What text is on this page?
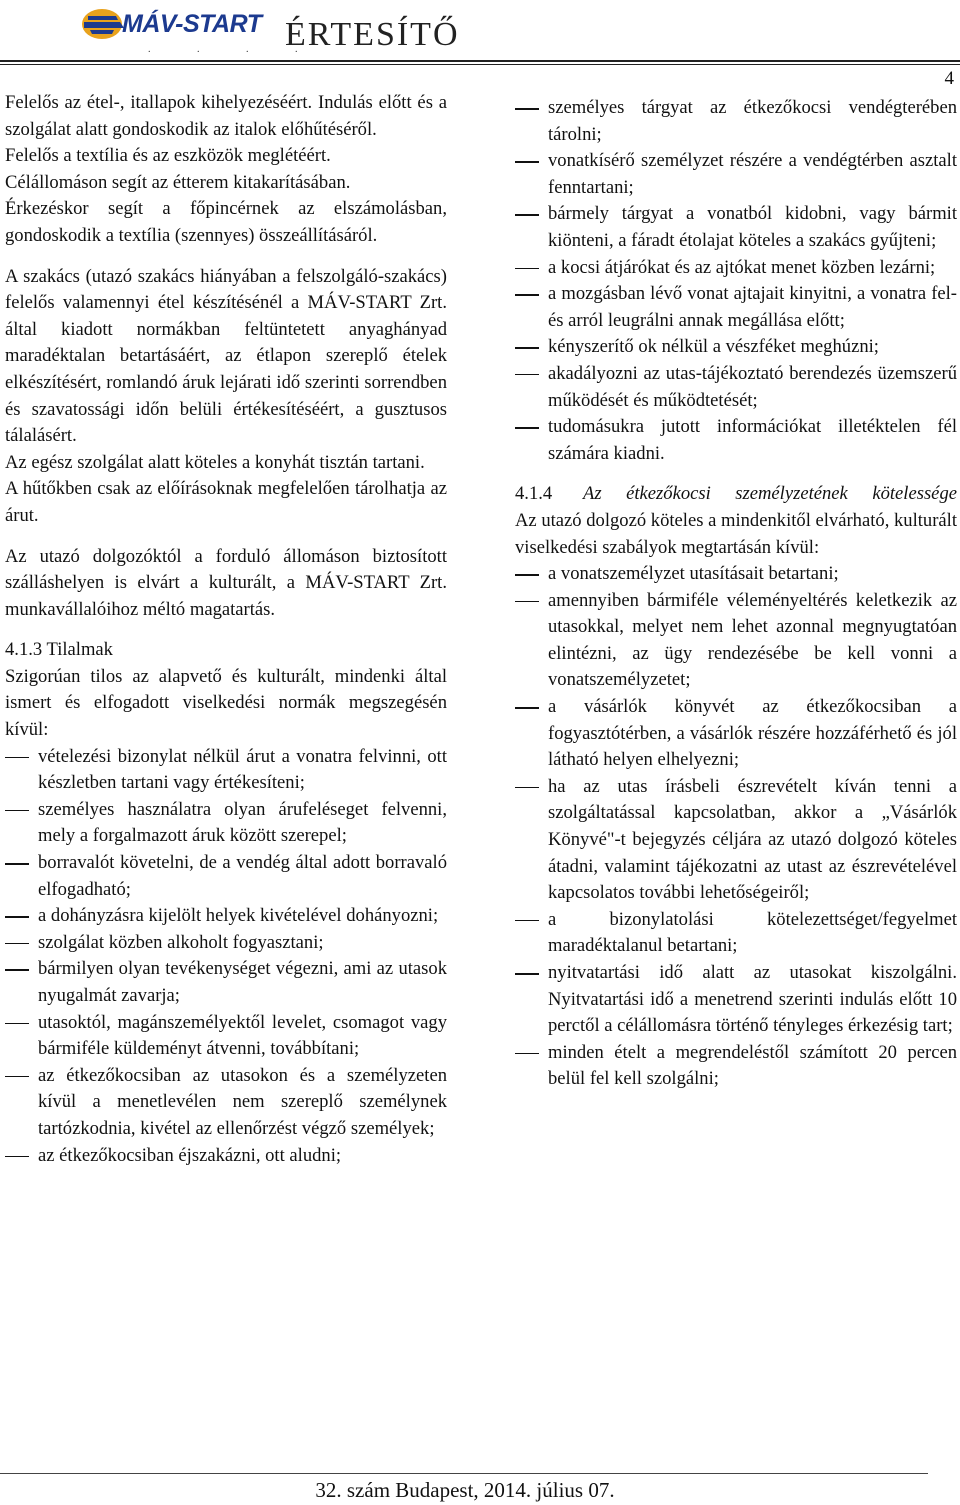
MÁV-START
. . . .
ÉRTESÍTŐ
4

Felelős az étel-, itallapok kihelyezéséért. Indulás előtt és a szolgálat alatt gondoskodik az italok előhűtéséről.

Felelős a textília és az eszközök meglétéért.

Célállomáson segít az étterem kitakarításában.

Érkezéskor segít a főpincérnek az elszámolásban, gondoskodik a textília (szennyes) összeállításáról.

A szakács (utazó szakács hiányában a felszolgáló-szakács) felelős valamennyi étel készítésénél a MÁV-START Zrt. által kiadott normákban feltüntetett anyaghányad maradéktalan betartásáért, az étlapon szereplő ételek elkészítésért, romlandó áruk lejárati idő szerinti sorrendben és szavatossági időn belüli értékesítéséért, a gusztusos tálalásért.

Az egész szolgálat alatt köteles a konyhát tisztán tartani.

A hűtőkben csak az előírásoknak megfelelően tárolhatja az árut.

Az utazó dolgozóktól a forduló állomáson biztosított szálláshelyen is elvárt a kulturált, a MÁV-START Zrt. munkavállalóihoz méltó magatartás.

4.1.3 Tilalmak

Szigorúan tilos az alapvető és kulturált, mindenki által ismert és elfogadott viselkedési normák megszegésén kívül:

vételezési bizonylat nélkül árut a vonatra felvinni, ott készletben tartani vagy értékesíteni;
személyes használatra olyan árufeléseget felvenni, mely a forgalmazott áruk között szerepel;
borravalót követelni, de a vendég által adott borravaló elfogadható;
a dohányzásra kijelölt helyek kivételével dohányozni;
szolgálat közben alkoholt fogyasztani;
bármilyen olyan tevékenységet végezni, ami az utasok nyugalmát zavarja;
utasoktól, magánszemélyektől levelet, csomagot vagy bármiféle küldeményt átvenni, továbbítani;
az étkezőkocsiban az utasokon és a személyzeten kívül a menetlevélen nem szereplő személynek tartózkodnia, kivétel az ellenőrzést végző személyek;
az étkezőkocsiban éjszakázni, ott aludni;
személyes tárgyat az étkezőkocsi vendégterében tárolni;
vonatkísérő személyzet részére a vendégtérben asztalt fenntartani;
bármely tárgyat a vonatból kidobni, vagy bármit kiönteni, a fáradt étolajat köteles a szakács gyűjteni;
a kocsi átjárókat és az ajtókat menet közben lezárni;
a mozgásban lévő vonat ajtajait kinyitni, a vonatra fel- és arról leugrálni annak megállása előtt;
kényszerítő ok nélkül a vészféket meghúzni;
akadályozni az utas-tájékoztató berendezés üzemszerű működését és működtetését;
tudomásukra jutott információkat illetéktelen fél számára kiadni.
4.1.4	Az étkezőkocsi személyzetének kötelessége

Az utazó dolgozó köteles a mindenkitől elvárható, kulturált viselkedési szabályok megtartásán kívül:

a vonatszemélyzet utasításait betartani;
amennyiben bármiféle véleményeltérés keletkezik az utasokkal, melyet nem lehet azonnal megnyugtatóan elintézni, az ügy rendezésébe be kell vonni a vonatszemélyzetet;
a vásárlók könyvét az étkezőkocsiban a fogyasztótérben, a vásárlók részére hozzáférhető és jól látható helyen elhelyezni;
ha az utas írásbeli észrevételt kíván tenni a szolgáltatással kapcsolatban, akkor a „Vásárlók Könyvé"-t bejegyzés céljára az utazó dolgozó köteles átadni, valamint tájékozatni az utast az észrevételével kapcsolatos további lehetőségeiről;
a bizonylatolási kötelezettséget/fegyelmet maradéktalanul betartani;
nyitvatartási idő alatt az utasokat kiszolgálni. Nyitvatartási idő a menetrend szerinti indulás előtt 10 perctől a célállomásra történő tényleges érkezésig tart;
minden ételt a megrendeléstől számított 20 percen belül fel kell szolgálni;
32. szám Budapest, 2014. július 07.
